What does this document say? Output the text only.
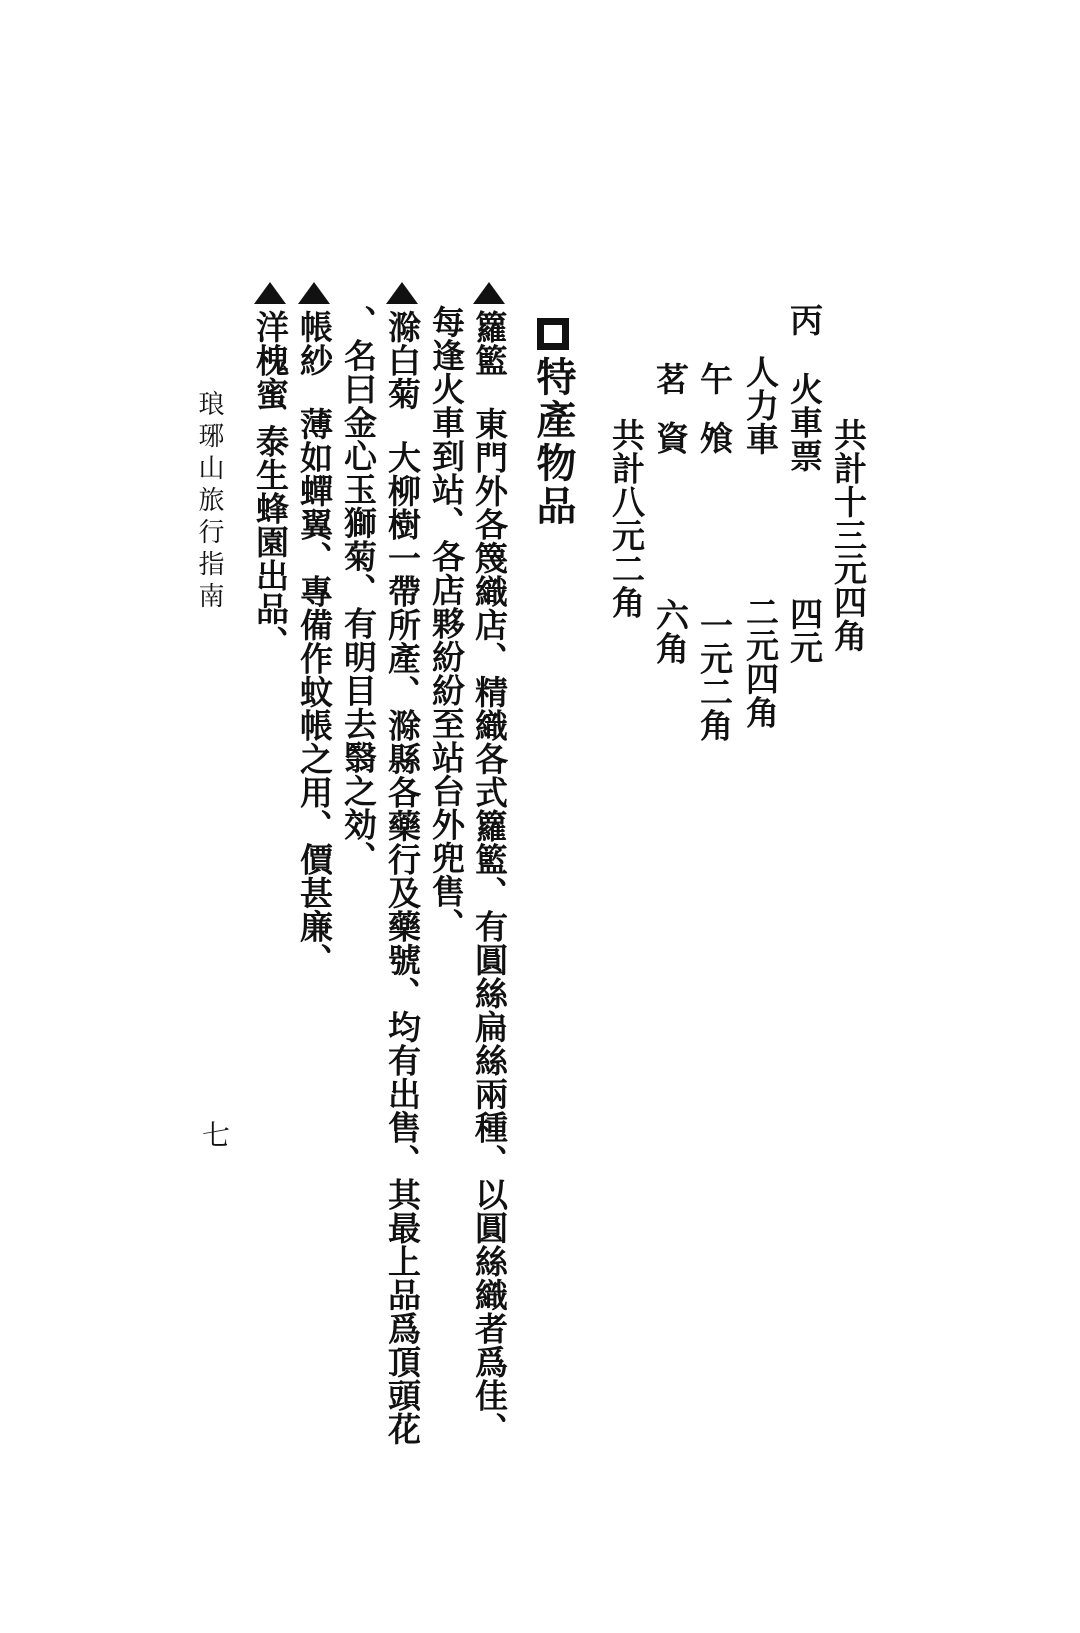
共計十三元四角
丙
火車票
四元
人力車
二元四角
午飧
一元二角
茗資
六角
共計八元二角
特產物品
籮籃東門外各篾織店、精織各式籮籃、有圓絲扁絲兩種、以圓絲織者爲佳、
每逢火車到站、各店夥紛紛至站台外兜售、
滁白菊大柳樹一帶所產、滁縣各藥行及藥號、均有出售、其最上品爲頂頭花
、名曰金心玉獅菊、有明目去翳之効、
帳紗薄如蟬翼、專備作蚊帳之用、價甚廉、
洋槐蜜泰生蜂園出品、
琅琊山旅行指南
七
